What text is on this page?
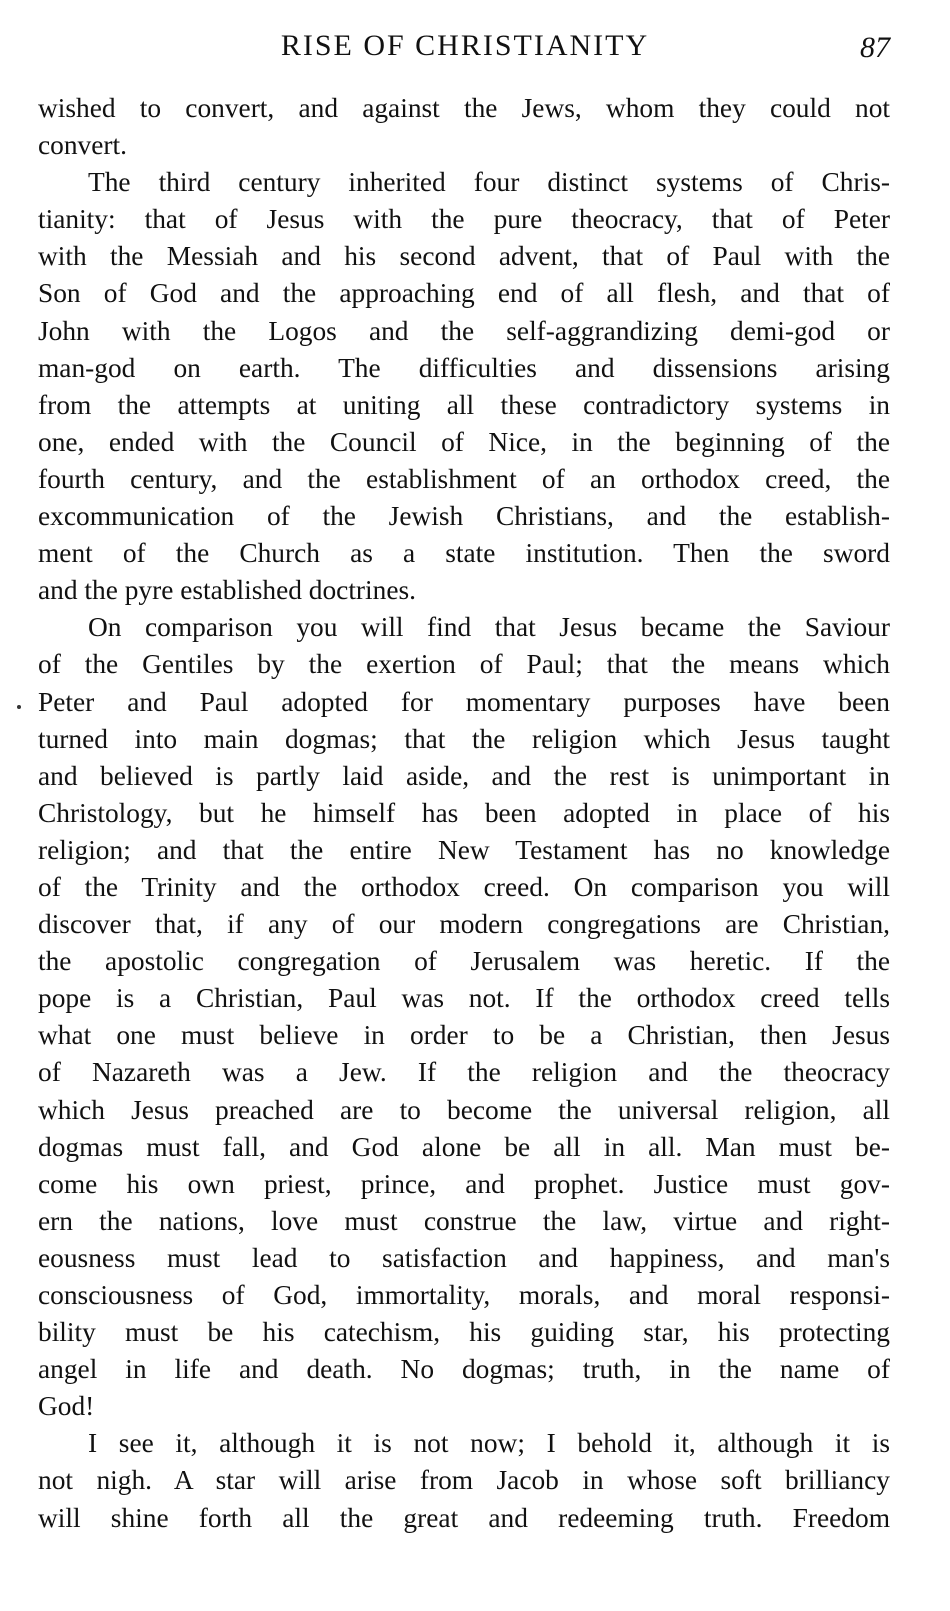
RISE OF CHRISTIANITY	87
wished to convert, and against the Jews, whom they could not
convert.
The third century inherited four distinct systems of Chris-
tianity: that of Jesus with the pure theocracy, that of Peter
with the Messiah and his second advent, that of Paul with the
Son of God and the approaching end of all flesh, and that of
John with the Logos and the self-aggrandizing demi-god or
man-god on earth. The difficulties and dissensions arising
from the attempts at uniting all these contradictory systems in
one, ended with the Council of Nice, in the beginning of the
fourth century, and the establishment of an orthodox creed, the
excommunication of the Jewish Christians, and the establish-
ment of the Church as a state institution. Then the sword
and the pyre established doctrines.
On comparison you will find that Jesus became the Saviour
of the Gentiles by the exertion of Paul; that the means which
Peter and Paul adopted for momentary purposes have been
turned into main dogmas; that the religion which Jesus taught
and believed is partly laid aside, and the rest is unimportant in
Christology, but he himself has been adopted in place of his
religion; and that the entire New Testament has no knowledge
of the Trinity and the orthodox creed. On comparison you will
discover that, if any of our modern congregations are Christian,
the apostolic congregation of Jerusalem was heretic. If the
pope is a Christian, Paul was not. If the orthodox creed tells
what one must believe in order to be a Christian, then Jesus
of Nazareth was a Jew. If the religion and the theocracy
which Jesus preached are to become the universal religion, all
dogmas must fall, and God alone be all in all. Man must be-
come his own priest, prince, and prophet. Justice must gov-
ern the nations, love must construe the law, virtue and right-
eousness must lead to satisfaction and happiness, and man's
consciousness of God, immortality, morals, and moral responsi-
bility must be his catechism, his guiding star, his protecting
angel in life and death. No dogmas; truth, in the name of
God!
I see it, although it is not now; I behold it, although it is
not nigh. A star will arise from Jacob in whose soft brilliancy
will shine forth all the great and redeeming truth. Freedom
